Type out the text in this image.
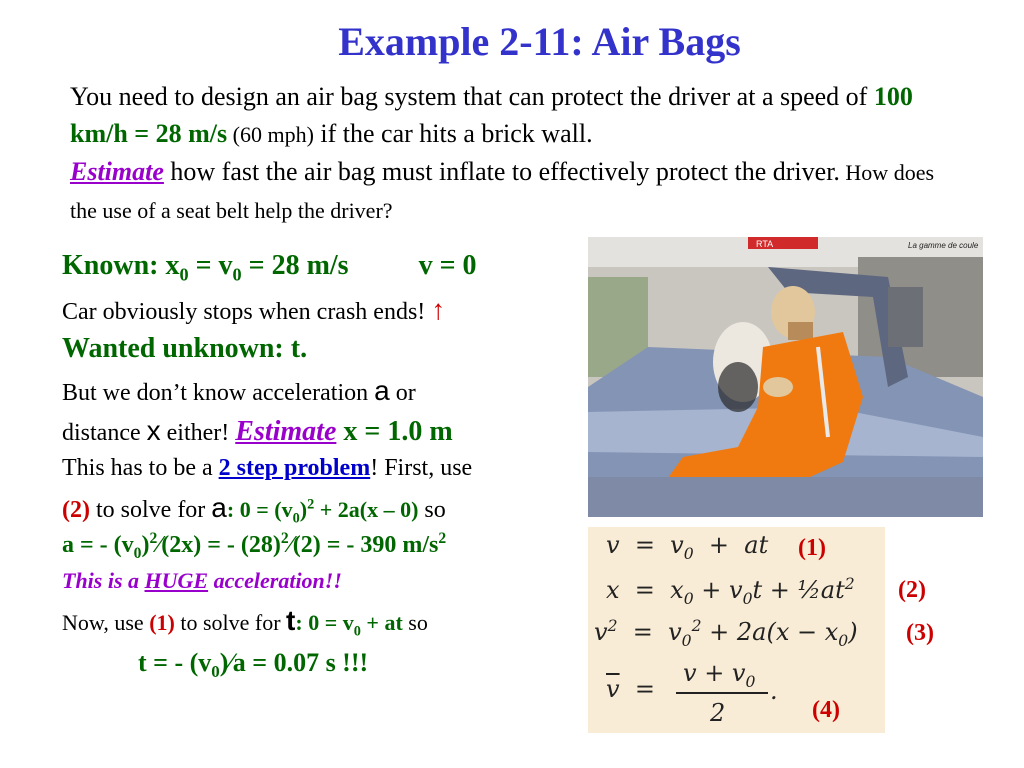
Example 2-11: Air Bags
You need to design an air bag system that can protect the driver at a speed of 100 km/h = 28 m/s (60 mph) if the car hits a brick wall.
Estimate how fast the air bag must inflate to effectively protect the driver. How does the use of a seat belt help the driver?
Known: $x_0 = v_0 = 28$ m/s	v = 0
Car obviously stops when crash ends! ↑
Wanted unknown: t.
But we don’t know acceleration a or
distance x either! Estimate x = 1.0 m
This has to be a 2 step problem! First, use
(2) to solve for a: $0 = (v_0)^2 + 2a(x - 0)$ so
a = - $(v_0)^2⁄(2x)$ = - $(28)^2⁄(2)$ = - 390 $m/s^2$
This is a HUGE acceleration!!
Now, use (1) to solve for t: $0 = v_0$ + at so
t = - $(v_0)⁄a = 0.07$ s !!!
RTA	La gamme de coule
$v = v_0$  +  at
$x = x_0 + v_0t$ + $\frac{1}{2}at^2$
$v^2 = v_0^2 + 2a(x - x_0)$
$\overline{v}$  =
$v + v_0$
2
.
(1)
(2)
(3)
(4)
